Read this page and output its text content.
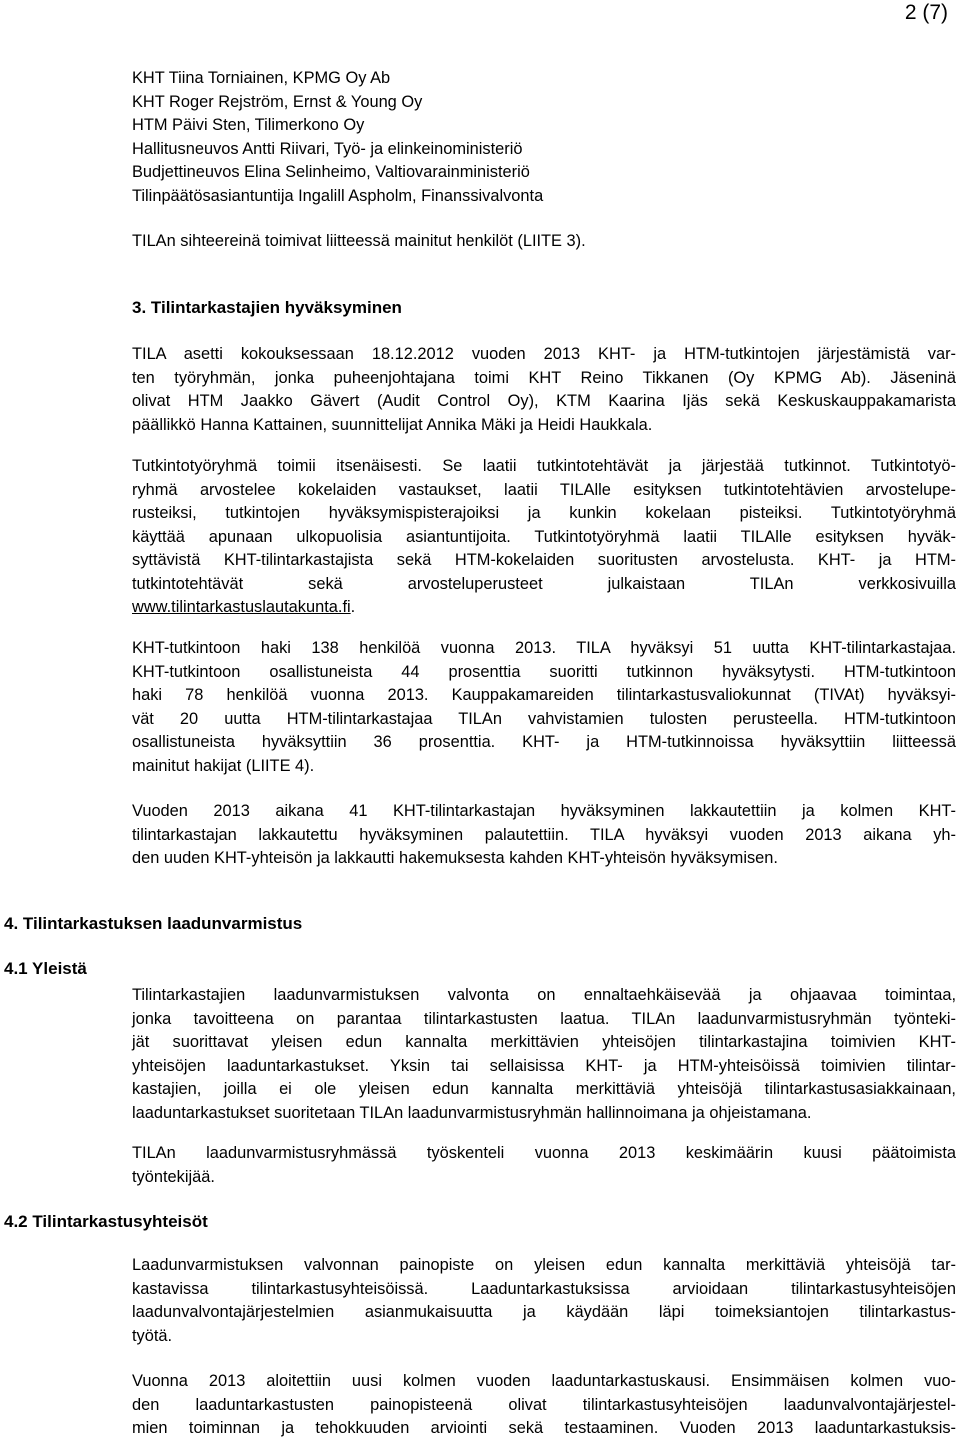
2 (7)
KHT Tiina Torniainen, KPMG Oy Ab
KHT Roger Rejström, Ernst & Young Oy
HTM Päivi Sten, Tilimerkono Oy
Hallitusneuvos Antti Riivari, Työ- ja elinkeinoministeriö
Budjettineuvos Elina Selinheimo, Valtiovarainministeriö
Tilinpäätösasiantuntija Ingalill Aspholm, Finanssivalvonta
TILAn sihteereinä toimivat liitteessä mainitut henkilöt (LIITE 3).
3. Tilintarkastajien hyväksyminen
TILA asetti kokouksessaan 18.12.2012 vuoden 2013 KHT- ja HTM-tutkintojen järjestämistä var-
ten työryhmän, jonka puheenjohtajana toimi KHT Reino Tikkanen (Oy KPMG Ab). Jäseninä
olivat HTM Jaakko Gävert (Audit Control Oy), KTM Kaarina Ijäs sekä Keskuskauppakamarista
päällikkö Hanna Kattainen, suunnittelijat Annika Mäki ja Heidi Haukkala.
Tutkintotyöryhmä toimii itsenäisesti. Se laatii tutkintotehtävät ja järjestää tutkinnot. Tutkintotyö-
ryhmä arvostelee kokelaiden vastaukset, laatii TILAlle esityksen tutkintotehtävien arvostelupe-
rusteiksi, tutkintojen hyväksymispisterajoiksi ja kunkin kokelaan pisteiksi. Tutkintotyöryhmä
käyttää apunaan ulkopuolisia asiantuntijoita. Tutkintotyöryhmä laatii TILAlle esityksen hyväk-
syttävistä KHT-tilintarkastajista sekä HTM-kokelaiden suoritusten arvostelusta. KHT- ja HTM-
tutkintotehtävät sekä arvosteluperusteet julkaistaan TILAn verkkosivuilla
www.tilintarkastuslautakunta.fi.
KHT-tutkintoon haki 138 henkilöä vuonna 2013. TILA hyväksyi 51 uutta KHT-tilintarkastajaa.
KHT-tutkintoon osallistuneista 44 prosenttia suoritti tutkinnon hyväksytysti. HTM-tutkintoon
haki 78 henkilöä vuonna 2013. Kauppakamareiden tilintarkastusvaliokunnat (TIVAt) hyväksyi-
vät 20 uutta HTM-tilintarkastajaa TILAn vahvistamien tulosten perusteella. HTM-tutkintoon
osallistuneista hyväksyttiin 36 prosenttia. KHT- ja HTM-tutkinnoissa hyväksyttiin liitteessä
mainitut hakijat (LIITE 4).
Vuoden 2013 aikana 41 KHT-tilintarkastajan hyväksyminen lakkautettiin ja kolmen KHT-
tilintarkastajan lakkautettu hyväksyminen palautettiin. TILA hyväksyi vuoden 2013 aikana yh-
den uuden KHT-yhteisön ja lakkautti hakemuksesta kahden KHT-yhteisön hyväksymisen.
4. Tilintarkastuksen laadunvarmistus
4.1 Yleistä
Tilintarkastajien laadunvarmistuksen valvonta on ennaltaehkäisevää ja ohjaavaa toimintaa,
jonka tavoitteena on parantaa tilintarkastusten laatua. TILAn laadunvarmistusryhmän työnteki-
jät suorittavat yleisen edun kannalta merkittävien yhteisöjen tilintarkastajina toimivien KHT-
yhteisöjen laaduntarkastukset. Yksin tai sellaisissa KHT- ja HTM-yhteisöissä toimivien tilintar-
kastajien, joilla ei ole yleisen edun kannalta merkittäviä yhteisöjä tilintarkastusasiakkainaan,
laaduntarkastukset suoritetaan TILAn laadunvarmistusryhmän hallinnoimana ja ohjeistamana.
TILAn laadunvarmistusryhmässä työskenteli vuonna 2013 keskimäärin kuusi päätoimista
työntekijää.
4.2 Tilintarkastusyhteisöt
Laadunvarmistuksen valvonnan painopiste on yleisen edun kannalta merkittäviä yhteisöjä tar-
kastavissa tilintarkastusyhteisöissä. Laaduntarkastuksissa arvioidaan tilintarkastusyhteisöjen
laadunvalvontajärjestelmien asianmukaisuutta ja käydään läpi toimeksiantojen tilintarkastus-
työtä.
Vuonna 2013 aloitettiin uusi kolmen vuoden laaduntarkastuskausi. Ensimmäisen kolmen vuo-
den laaduntarkastusten painopisteenä olivat tilintarkastusyhteisöjen laadunvalvontajärjestel-
mien toiminnan ja tehokkuuden arviointi sekä testaaminen. Vuoden 2013 laaduntarkastuksis-
